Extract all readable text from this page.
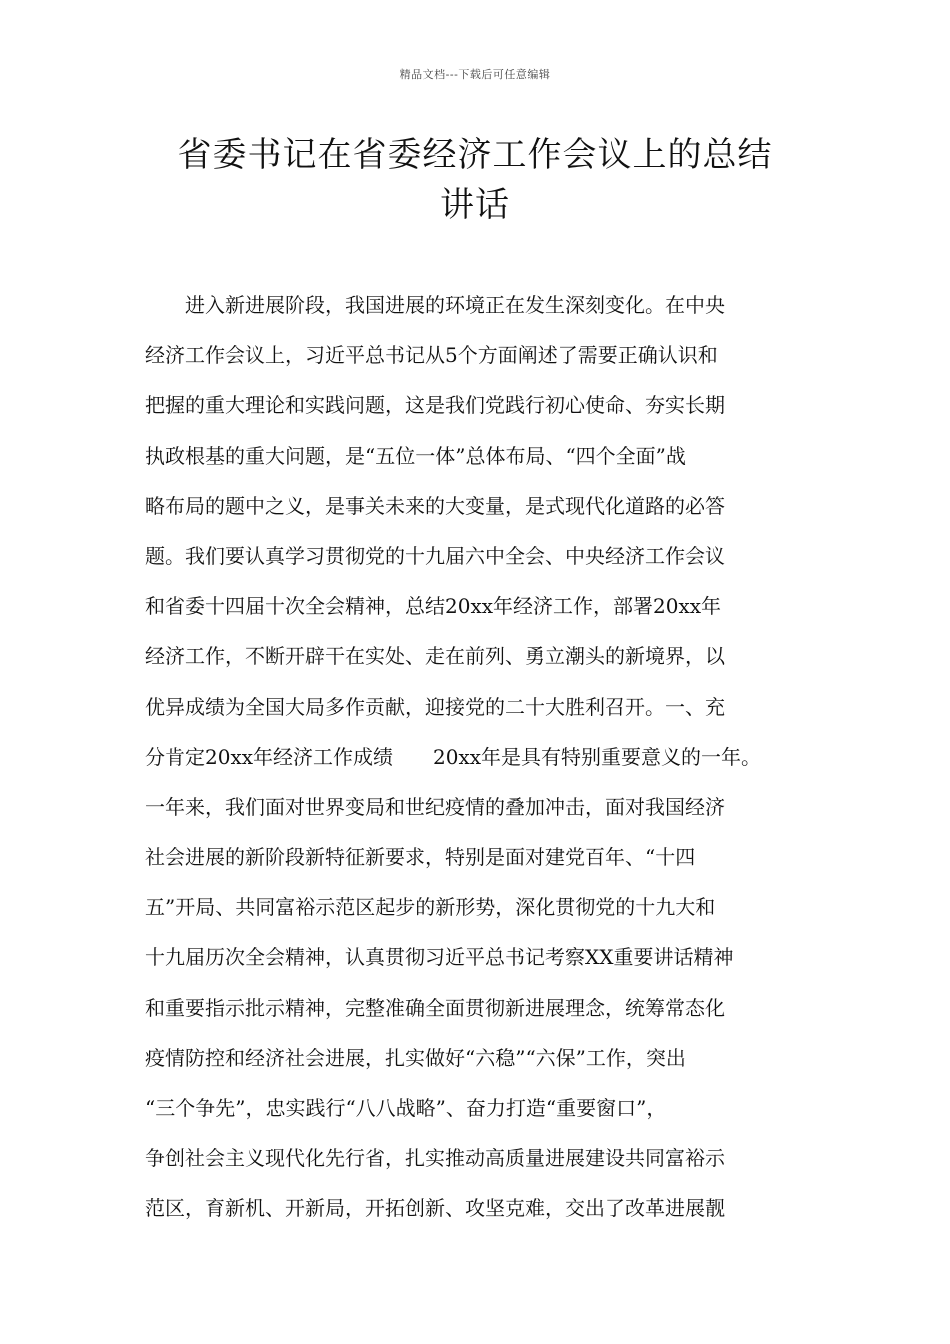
精品文档---下载后可任意编辑
省委书记在省委经济工作会议上的总结
讲话
　　进入新进展阶段，我国进展的环境正在发生深刻变化。在中央
经济工作会议上，习近平总书记从5个方面阐述了需要正确认识和
把握的重大理论和实践问题，这是我们党践行初心使命、夯实长期
执政根基的重大问题，是“五位一体”总体布局、“四个全面”战
略布局的题中之义，是事关未来的大变量，是式现代化道路的必答
题。我们要认真学习贯彻党的十九届六中全会、中央经济工作会议
和省委十四届十次全会精神，总结20xx年经济工作，部署20xx年
经济工作，不断开辟干在实处、走在前列、勇立潮头的新境界，以
优异成绩为全国大局多作贡献，迎接党的二十大胜利召开。一、充
分肯定20xx年经济工作成绩　　20xx年是具有特别重要意义的一年。
一年来，我们面对世界变局和世纪疫情的叠加冲击，面对我国经济
社会进展的新阶段新特征新要求，特别是面对建党百年、“十四
五”开局、共同富裕示范区起步的新形势，深化贯彻党的十九大和
十九届历次全会精神，认真贯彻习近平总书记考察XX重要讲话精神
和重要指示批示精神，完整准确全面贯彻新进展理念，统筹常态化
疫情防控和经济社会进展，扎实做好“六稳”“六保”工作，突出
“三个争先”，忠实践行“八八战略”、奋力打造“重要窗口”，
争创社会主义现代化先行省，扎实推动高质量进展建设共同富裕示
范区，育新机、开新局，开拓创新、攻坚克难，交出了改革进展靓
